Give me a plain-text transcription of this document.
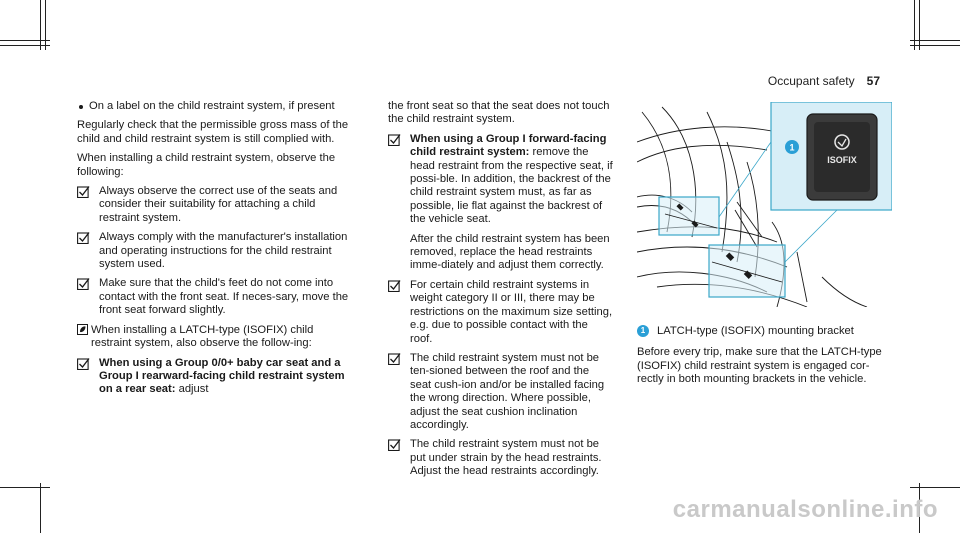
Occupant safety 57
On a label on the child restraint system, if present

Regularly check that the permissible gross mass of the child and child restraint system is still complied with.

When installing a child restraint system, observe the following:

Always observe the correct use of the seats and consider their suitability for attaching a child restraint system.
Always comply with the manufacturer's installation and operating instructions for the child restraint system used.
Make sure that the child's feet do not come into contact with the front seat. If neces-sary, move the front seat forward slightly.
When installing a LATCH-type (ISOFIX) child restraint system, also observe the follow-ing:
When using a Group 0/0+ baby car seat and a Group I rearward-facing child restraint system on a rear seat: adjust

the front seat so that the seat does not touch the child restraint system.

When using a Group I forward-facing child restraint system: remove the head restraint from the respective seat, if possi-ble. In addition, the backrest of the child restraint system must, as far as possible, lie flat against the backrest of the vehicle seat.
After the child restraint system has been removed, replace the head restraints imme-diately and adjust them correctly.
For certain child restraint systems in weight category II or III, there may be restrictions on the maximum size setting, e.g. due to possible contact with the roof.
The child restraint system must not be ten-sioned between the roof and the seat cush-ion and/or be installed facing the wrong direction. Where possible, adjust the seat cushion inclination accordingly.
The child restraint system must not be put under strain by the head restraints. Adjust the head restraints accordingly.
ISOFIX
1
1 LATCH-type (ISOFIX) mounting bracket

Before every trip, make sure that the LATCH-type (ISOFIX) child restraint system is engaged cor-rectly in both mounting brackets in the vehicle.

carmanualsonline.info
